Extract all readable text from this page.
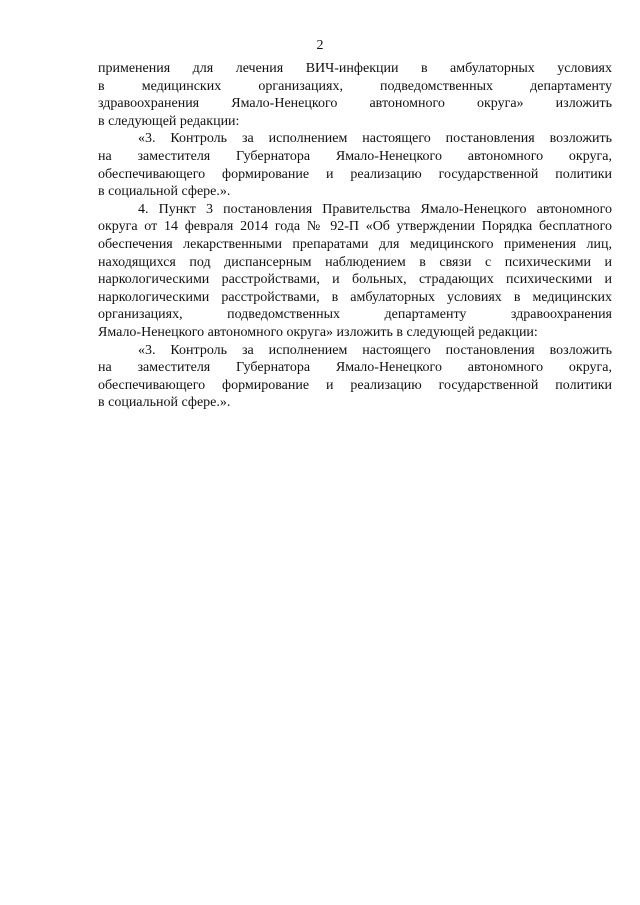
2
применения для лечения ВИЧ-инфекции в амбулаторных условиях
в медицинских организациях, подведомственных департаменту
здравоохранения Ямало-Ненецкого автономного округа» изложить
в следующей редакции:
«3. Контроль за исполнением настоящего постановления возложить
на заместителя Губернатора Ямало-Ненецкого автономного округа,
обеспечивающего формирование и реализацию государственной политики
в социальной сфере.».
4. Пункт 3 постановления Правительства Ямало-Ненецкого автономного
округа от 14 февраля 2014 года № 92-П «Об утверждении Порядка бесплатного
обеспечения лекарственными препаратами для медицинского применения лиц,
находящихся под диспансерным наблюдением в связи с психическими и
наркологическими расстройствами, и больных, страдающих психическими и
наркологическими расстройствами, в амбулаторных условиях в медицинских
организациях, подведомственных департаменту здравоохранения
Ямало-Ненецкого автономного округа» изложить в следующей редакции:
«3. Контроль за исполнением настоящего постановления возложить
на заместителя Губернатора Ямало-Ненецкого автономного округа,
обеспечивающего формирование и реализацию государственной политики
в социальной сфере.».
